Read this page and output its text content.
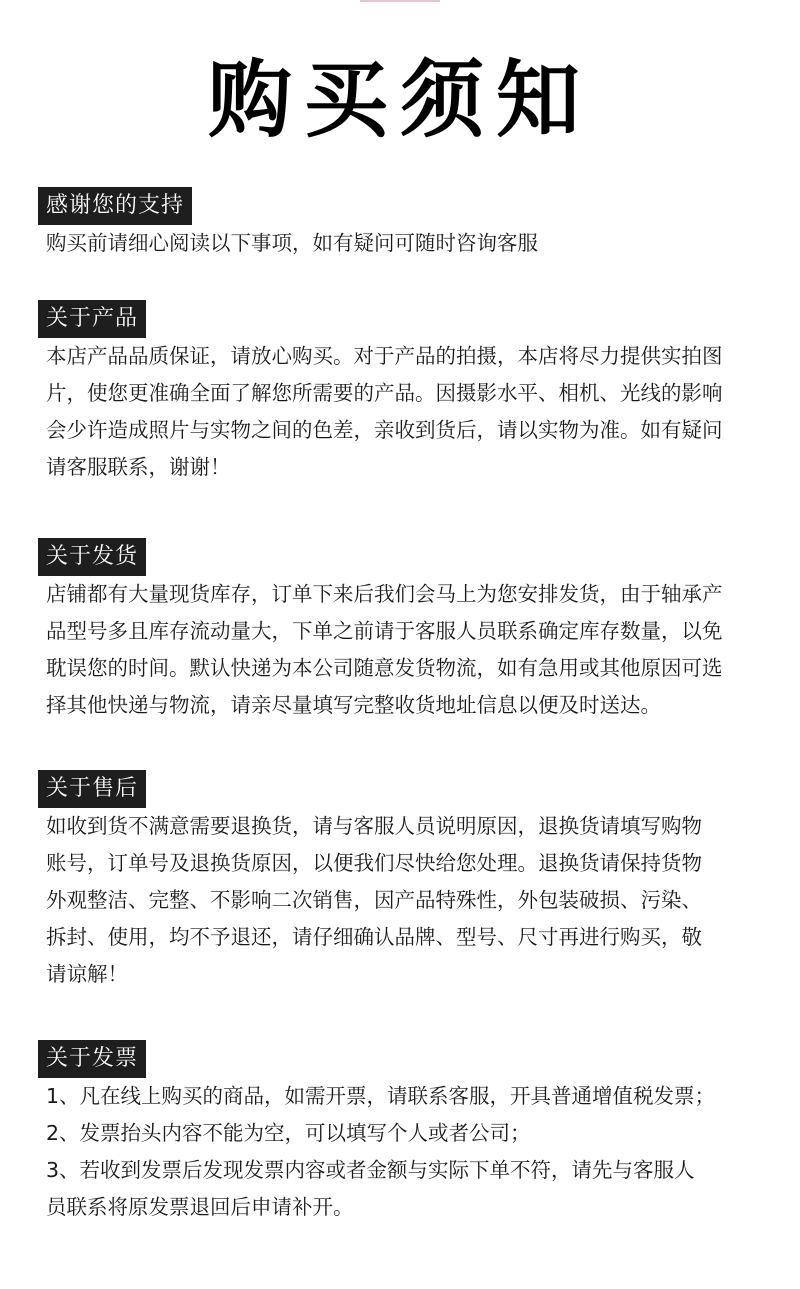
购买须知
感谢您的支持
购买前请细心阅读以下事项，如有疑问可随时咨询客服
关于产品
本店产品品质保证，请放心购买。对于产品的拍摄，本店将尽力提供实拍图
片，使您更准确全面了解您所需要的产品。因摄影水平、相机、光线的影响
会少许造成照片与实物之间的色差，亲收到货后，请以实物为准。如有疑问
请客服联系，谢谢！
关于发货
店铺都有大量现货库存，订单下来后我们会马上为您安排发货，由于轴承产
品型号多且库存流动量大，下单之前请于客服人员联系确定库存数量，以免
耽误您的时间。默认快递为本公司随意发货物流，如有急用或其他原因可选
择其他快递与物流，请亲尽量填写完整收货地址信息以便及时送达。
关于售后
如收到货不满意需要退换货，请与客服人员说明原因，退换货请填写购物
账号，订单号及退换货原因，以便我们尽快给您处理。退换货请保持货物
外观整洁、完整、不影响二次销售，因产品特殊性，外包装破损、污染、
拆封、使用，均不予退还，请仔细确认品牌、型号、尺寸再进行购买，敬
请谅解！
关于发票
1、凡在线上购买的商品，如需开票，请联系客服，开具普通增值税发票；
2、发票抬头内容不能为空，可以填写个人或者公司；
3、若收到发票后发现发票内容或者金额与实际下单不符，请先与客服人
员联系将原发票退回后申请补开。
